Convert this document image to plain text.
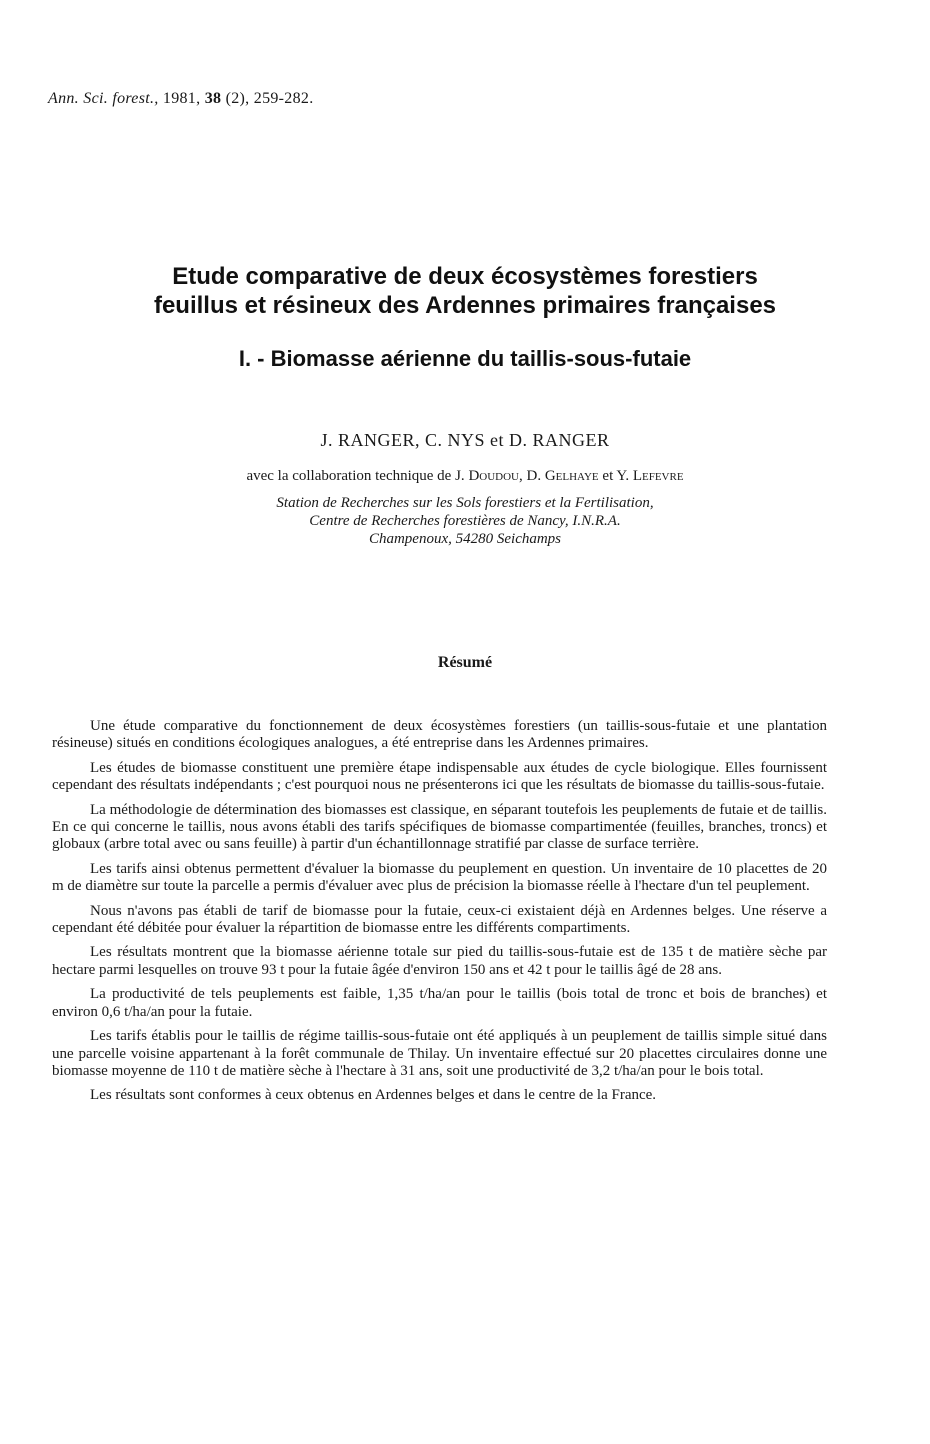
Ann. Sci. forest., 1981, 38 (2), 259-282.
Etude comparative de deux écosystèmes forestiers
feuillus et résineux des Ardennes primaires françaises
I. - Biomasse aérienne du taillis-sous-futaie
J. RANGER, C. NYS et D. RANGER
avec la collaboration technique de J. Doudou, D. Gelhaye et Y. Lefevre
Station de Recherches sur les Sols forestiers et la Fertilisation,
Centre de Recherches forestières de Nancy, I.N.R.A.
Champenoux, 54280 Seichamps
Résumé

Une étude comparative du fonctionnement de deux écosystèmes forestiers (un taillis-sous-futaie et une plantation résineuse) situés en conditions écologiques analogues, a été entreprise dans les Ardennes primaires.

Les études de biomasse constituent une première étape indispensable aux études de cycle biologique. Elles fournissent cependant des résultats indépendants ; c'est pourquoi nous ne présenterons ici que les résultats de biomasse du taillis-sous-futaie.

La méthodologie de détermination des biomasses est classique, en séparant toutefois les peuplements de futaie et de taillis. En ce qui concerne le taillis, nous avons établi des tarifs spécifiques de biomasse compartimentée (feuilles, branches, troncs) et globaux (arbre total avec ou sans feuille) à partir d'un échantillonnage stratifié par classe de surface terrière.

Les tarifs ainsi obtenus permettent d'évaluer la biomasse du peuplement en question. Un inventaire de 10 placettes de 20 m de diamètre sur toute la parcelle a permis d'évaluer avec plus de précision la biomasse réelle à l'hectare d'un tel peuplement.

Nous n'avons pas établi de tarif de biomasse pour la futaie, ceux-ci existaient déjà en Ardennes belges. Une réserve a cependant été débitée pour évaluer la répartition de biomasse entre les différents compartiments.

Les résultats montrent que la biomasse aérienne totale sur pied du taillis-sous-futaie est de 135 t de matière sèche par hectare parmi lesquelles on trouve 93 t pour la futaie âgée d'environ 150 ans et 42 t pour le taillis âgé de 28 ans.

La productivité de tels peuplements est faible, 1,35 t/ha/an pour le taillis (bois total de tronc et bois de branches) et environ 0,6 t/ha/an pour la futaie.

Les tarifs établis pour le taillis de régime taillis-sous-futaie ont été appliqués à un peuplement de taillis simple situé dans une parcelle voisine appartenant à la forêt communale de Thilay. Un inventaire effectué sur 20 placettes circulaires donne une biomasse moyenne de 110 t de matière sèche à l'hectare à 31 ans, soit une productivité de 3,2 t/ha/an pour le bois total.

Les résultats sont conformes à ceux obtenus en Ardennes belges et dans le centre de la France.
